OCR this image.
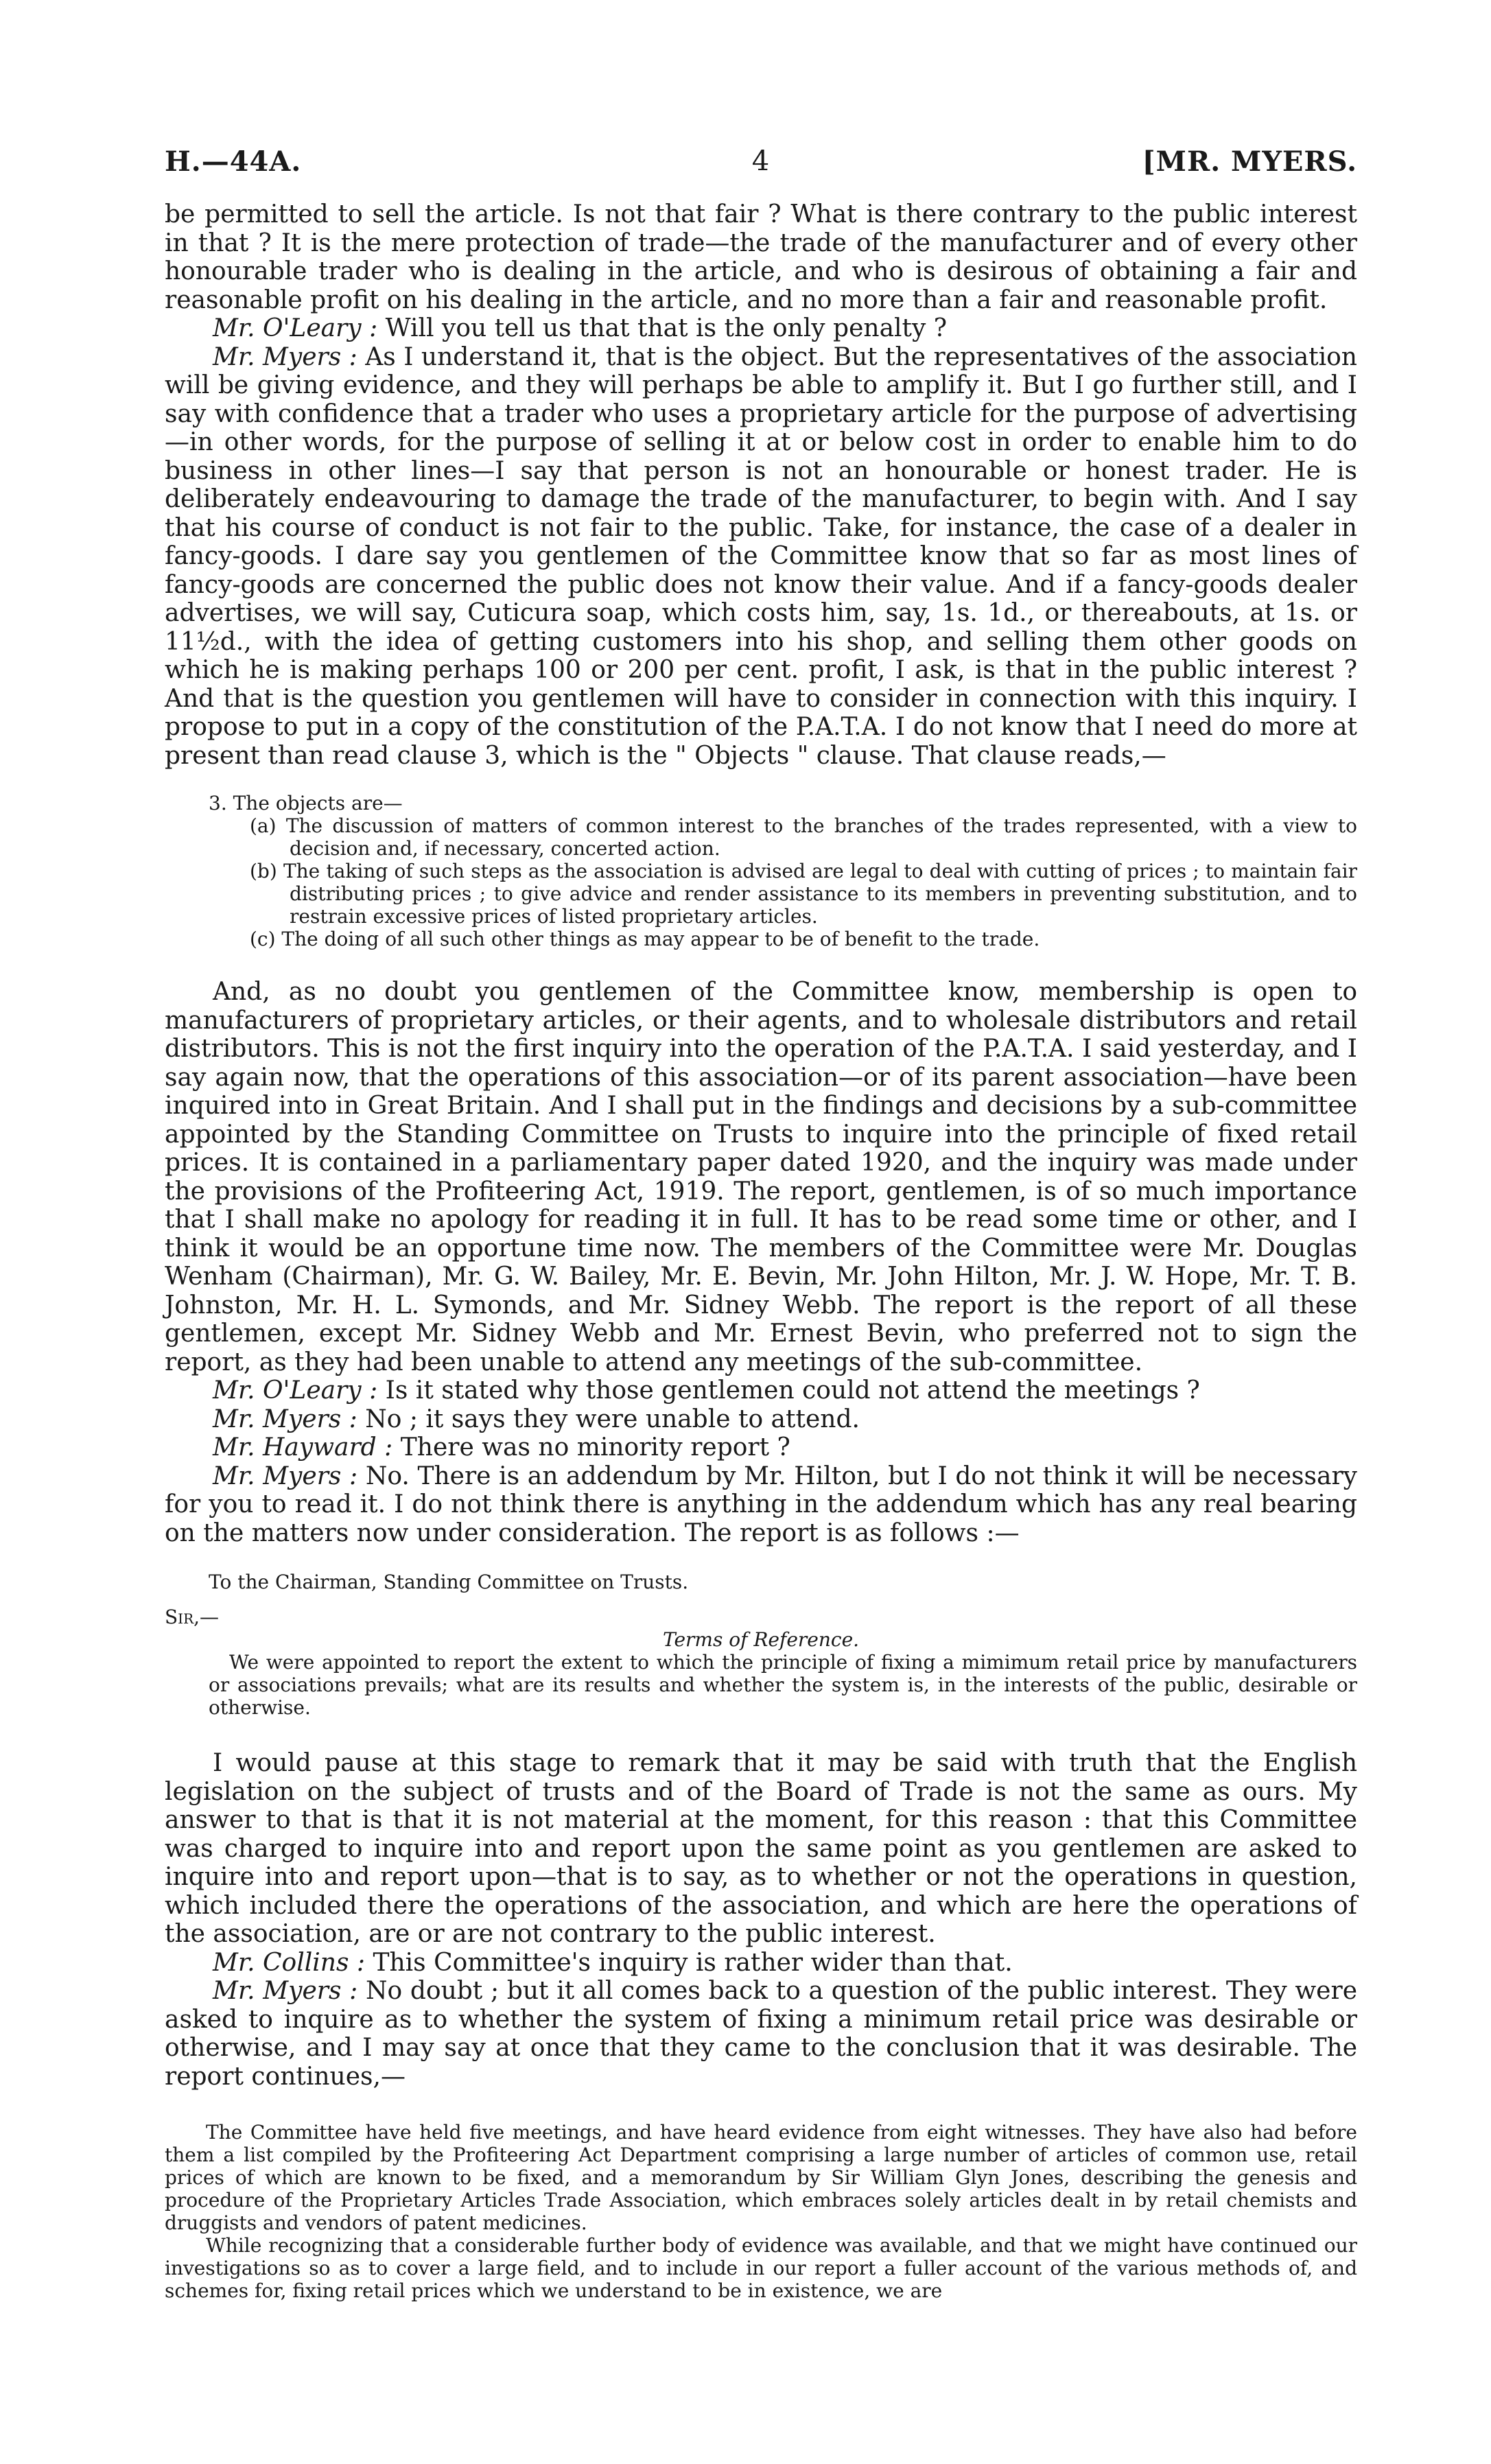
H.—44A.	4	[MR. MYERS.

be permitted to sell the article. Is not that fair ? What is there contrary to the public interest in that ? It is the mere protection of trade—the trade of the manufacturer and of every other honourable trader who is dealing in the article, and who is desirous of obtaining a fair and reasonable profit on his dealing in the article, and no more than a fair and reasonable profit.

Mr. O'Leary : Will you tell us that that is the only penalty ?

Mr. Myers : As I understand it, that is the object. But the representatives of the association will be giving evidence, and they will perhaps be able to amplify it. But I go further still, and I say with confidence that a trader who uses a proprietary article for the purpose of advertising—in other words, for the purpose of selling it at or below cost in order to enable him to do business in other lines—I say that person is not an honourable or honest trader. He is deliberately endeavouring to damage the trade of the manufacturer, to begin with. And I say that his course of conduct is not fair to the public. Take, for instance, the case of a dealer in fancy-goods. I dare say you gentlemen of the Committee know that so far as most lines of fancy-goods are concerned the public does not know their value. And if a fancy-goods dealer advertises, we will say, Cuticura soap, which costs him, say, 1s. 1d., or thereabouts, at 1s. or 11½d., with the idea of getting customers into his shop, and selling them other goods on which he is making perhaps 100 or 200 per cent. profit, I ask, is that in the public interest ? And that is the question you gentlemen will have to consider in connection with this inquiry. I propose to put in a copy of the constitution of the P.A.T.A. I do not know that I need do more at present than read clause 3, which is the " Objects " clause. That clause reads,—

3. The objects are—
(a) The discussion of matters of common interest to the branches of the trades represented, with a view to decision and, if necessary, concerted action.
(b) The taking of such steps as the association is advised are legal to deal with cutting of prices ; to maintain fair distributing prices ; to give advice and render assistance to its members in preventing substitution, and to restrain excessive prices of listed proprietary articles.
(c) The doing of all such other things as may appear to be of benefit to the trade.

And, as no doubt you gentlemen of the Committee know, membership is open to manufacturers of proprietary articles, or their agents, and to wholesale distributors and retail distributors. This is not the first inquiry into the operation of the P.A.T.A. I said yesterday, and I say again now, that the operations of this association—or of its parent association—have been inquired into in Great Britain. And I shall put in the findings and decisions by a sub-committee appointed by the Standing Committee on Trusts to inquire into the principle of fixed retail prices. It is contained in a parliamentary paper dated 1920, and the inquiry was made under the provisions of the Profiteering Act, 1919. The report, gentlemen, is of so much importance that I shall make no apology for reading it in full. It has to be read some time or other, and I think it would be an opportune time now. The members of the Committee were Mr. Douglas Wenham (Chairman), Mr. G. W. Bailey, Mr. E. Bevin, Mr. John Hilton, Mr. J. W. Hope, Mr. T. B. Johnston, Mr. H. L. Symonds, and Mr. Sidney Webb. The report is the report of all these gentlemen, except Mr. Sidney Webb and Mr. Ernest Bevin, who preferred not to sign the report, as they had been unable to attend any meetings of the sub-committee.

Mr. O'Leary : Is it stated why those gentlemen could not attend the meetings ?

Mr. Myers : No ; it says they were unable to attend.

Mr. Hayward : There was no minority report ?

Mr. Myers : No. There is an addendum by Mr. Hilton, but I do not think it will be necessary for you to read it. I do not think there is anything in the addendum which has any real bearing on the matters now under consideration. The report is as follows :—

To the Chairman, Standing Committee on Trusts.
Sir,—
Terms of Reference.
We were appointed to report the extent to which the principle of fixing a mimimum retail price by manufacturers or associations prevails; what are its results and whether the system is, in the interests of the public, desirable or otherwise.

I would pause at this stage to remark that it may be said with truth that the English legislation on the subject of trusts and of the Board of Trade is not the same as ours. My answer to that is that it is not material at the moment, for this reason : that this Committee was charged to inquire into and report upon the same point as you gentlemen are asked to inquire into and report upon—that is to say, as to whether or not the operations in question, which included there the operations of the association, and which are here the operations of the association, are or are not contrary to the public interest.

Mr. Collins : This Committee's inquiry is rather wider than that.

Mr. Myers : No doubt ; but it all comes back to a question of the public interest. They were asked to inquire as to whether the system of fixing a minimum retail price was desirable or otherwise, and I may say at once that they came to the conclusion that it was desirable. The report continues,—

The Committee have held five meetings, and have heard evidence from eight witnesses. They have also had before them a list compiled by the Profiteering Act Department comprising a large number of articles of common use, retail prices of which are known to be fixed, and a memorandum by Sir William Glyn Jones, describing the genesis and procedure of the Proprietary Articles Trade Association, which embraces solely articles dealt in by retail chemists and druggists and vendors of patent medicines.

While recognizing that a considerable further body of evidence was available, and that we might have continued our investigations so as to cover a large field, and to include in our report a fuller account of the various methods of, and schemes for, fixing retail prices which we understand to be in existence, we are
